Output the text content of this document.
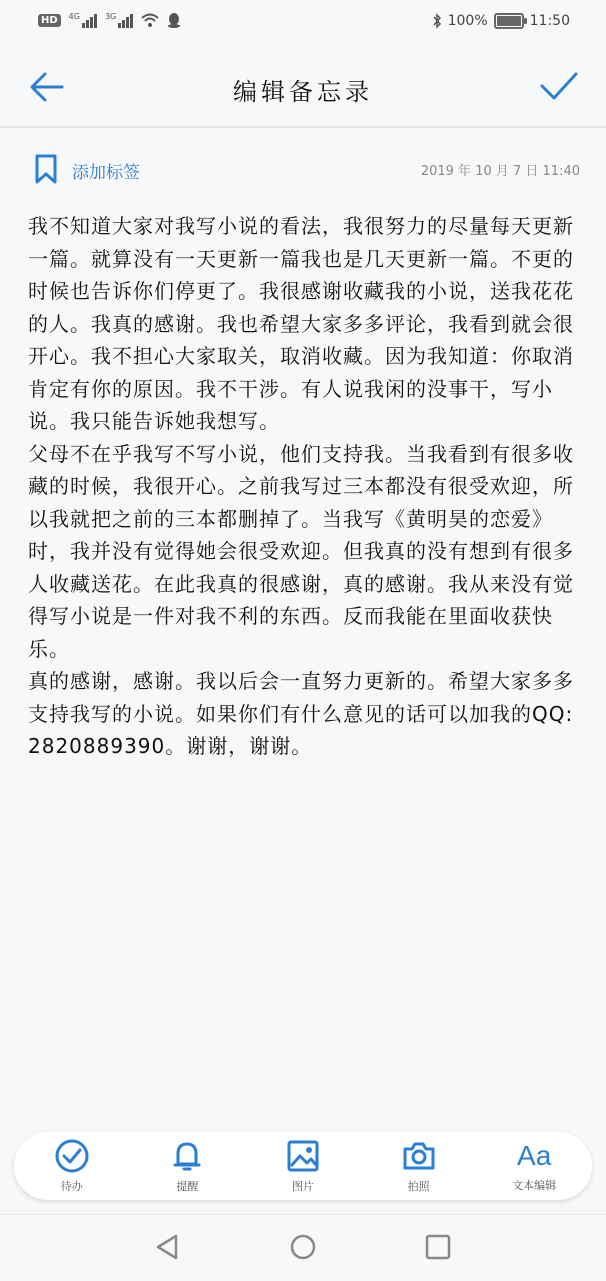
HD	4G	3G	100%	11:50
编辑备忘录
添加标签	2019 年 10 月 7 日 11:40
我不知道大家对我写小说的看法，我很努力的尽量每天更新一篇。就算没有一天更新一篇我也是几天更新一篇。不更的时候也告诉你们停更了。我很感谢收藏我的小说，送我花花的人。我真的感谢。我也希望大家多多评论，我看到就会很开心。我不担心大家取关，取消收藏。因为我知道：你取消肯定有你的原因。我不干涉。有人说我闲的没事干，写小说。我只能告诉她我想写。
父母不在乎我写不写小说，他们支持我。当我看到有很多收藏的时候，我很开心。之前我写过三本都没有很受欢迎，所以我就把之前的三本都删掉了。当我写《黄明昊的恋爱》时，我并没有觉得她会很受欢迎。但我真的没有想到有很多人收藏送花。在此我真的很感谢，真的感谢。我从来没有觉得写小说是一件对我不利的东西。反而我能在里面收获快乐。
真的感谢，感谢。我以后会一直努力更新的。希望大家多多支持我写的小说。如果你们有什么意见的话可以加我的QQ:2820889390。谢谢，谢谢。
待办	提醒	图片	拍照
Aa
文本编辑
